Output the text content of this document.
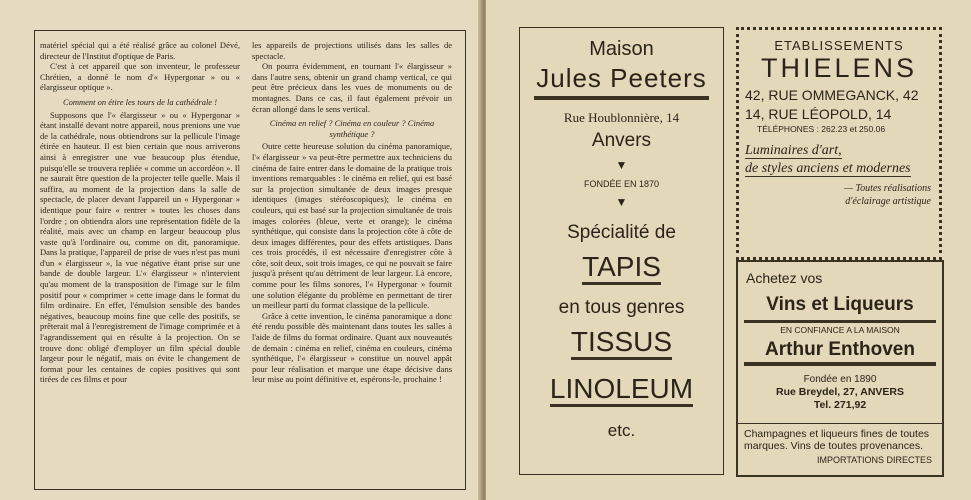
matériel spécial qui a été réalisé grâce au colonel Dévé, directeur de l'Institut d'optique de Paris.

C'est à cet appareil que son inventeur, le professeur Chrétien, a donné le nom d'« Hypergonar » ou « élargisseur optique ».

Comment on étire les tours de la cathédrale !

Supposons que l'« élargisseur » ou « Hypergonar » étant installé devant notre appareil, nous prenions une vue de la cathédrale, nous obtiendrons sur la pellicule l'image étirée en hauteur. Il est bien certain que nous arriverons ainsi à enregistrer une vue beaucoup plus étendue, puisqu'elle se trouvera repliée « comme un accordéon ». Il ne saurait être question de la projecter telle quelle. Mais il suffira, au moment de la projection dans la salle de spectacle, de placer devant l'appareil un « Hypergonar » identique pour faire « rentrer » toutes les choses dans l'ordre ; on obtiendra alors une représentation fidèle de la réalité, mais avec un champ en largeur beaucoup plus vaste qu'à l'ordinaire ou, comme on dit, panoramique. Dans la pratique, l'appareil de prise de vues n'est pas muni d'un « élargisseur », la vue négative étant prise sur une bande de double largeur. L'« élargisseur » n'intervient qu'au moment de la transposition de l'image sur le film positif pour « comprimer » cette image dans le format du film ordinaire. En effet, l'émulsion sensible des bandes négatives, beaucoup moins fine que celle des positifs, se prêterait mal à l'enregistrement de l'image comprimée et à l'agrandissement qui en résulte à la projection. On se trouve donc obligé d'employer un film spécial double largeur pour le négatif, mais on évite le changement de format pour les centaines de copies positives qui sont tirées de ces films et pour

les appareils de projections utilisés dans les salles de spectacle.

On pourra évidemment, en tournant l'« élargisseur » dans l'autre sens, obtenir un grand champ vertical, ce qui peut être précieux dans les vues de monuments ou de montagnes. Dans ce cas, il faut également prévoir un écran allongé dans le sens vertical.

Cinéma en relief ? Cinéma en couleur ? Cinéma synthétique ?

Outre cette heureuse solution du cinéma panoramique, l'« élargisseur » va peut-être permettre aux techniciens du cinéma de faire entrer dans le domaine de la pratique trois inventions remarquables : le cinéma en relief, qui est basé sur la projection simultanée de deux images presque identiques (images stéréoscopiques); le cinéma en couleurs, qui est basé sur la projection simultanée de trois images colorées (bleue, verte et orange); le cinéma synthétique, qui consiste dans la projection côte à côte de deux images différentes, pour des effets artistiques. Dans ces trois procédés, il est nécessaire d'enregistrer côte à côte, soit deux, soit trois images, ce qui ne pouvait se faire jusqu'à présent qu'au détriment de leur largeur. Là encore, comme pour les films sonores, l'« Hypergonar » fournit une solution élégante du problème en permettant de tirer un meilleur parti du format classique de la pellicule.

Grâce à cette invention, le cinéma panoramique a donc été rendu possible dès maintenant dans toutes les salles à l'aide de films du format ordinaire. Quant aux nouveautés de demain : cinéma en relief, cinéma en couleurs, cinéma synthétique, l'« élargisseur » constitue un nouvel appât pour leur réalisation et marque une étape décisive dans leur mise au point définitive et, espérons-le, prochaine !

Maison
Jules Peeters
Rue Houblonnière, 14
Anvers
▼
FONDÉE EN 1870
▼
Spécialité de
TAPIS
en tous genres
TISSUS
LINOLEUM
etc.
ETABLISSEMENTS
THIELENS
42, RUE OMMEGANCK, 42
14, RUE LÉOPOLD, 14
TÉLÉPHONES : 262.23 et 250.06
Luminaires d'art,
de styles anciens et modernes
— Toutes réalisations
d'éclairage artistique
Achetez vos
Vins et Liqueurs
EN CONFIANCE A LA MAISON
Arthur Enthoven
Fondée en 1890
Rue Breydel, 27, ANVERS
Tel. 271,92
Champagnes et liqueurs fines de toutes marques. Vins de toutes provenances.
IMPORTATIONS DIRECTES
